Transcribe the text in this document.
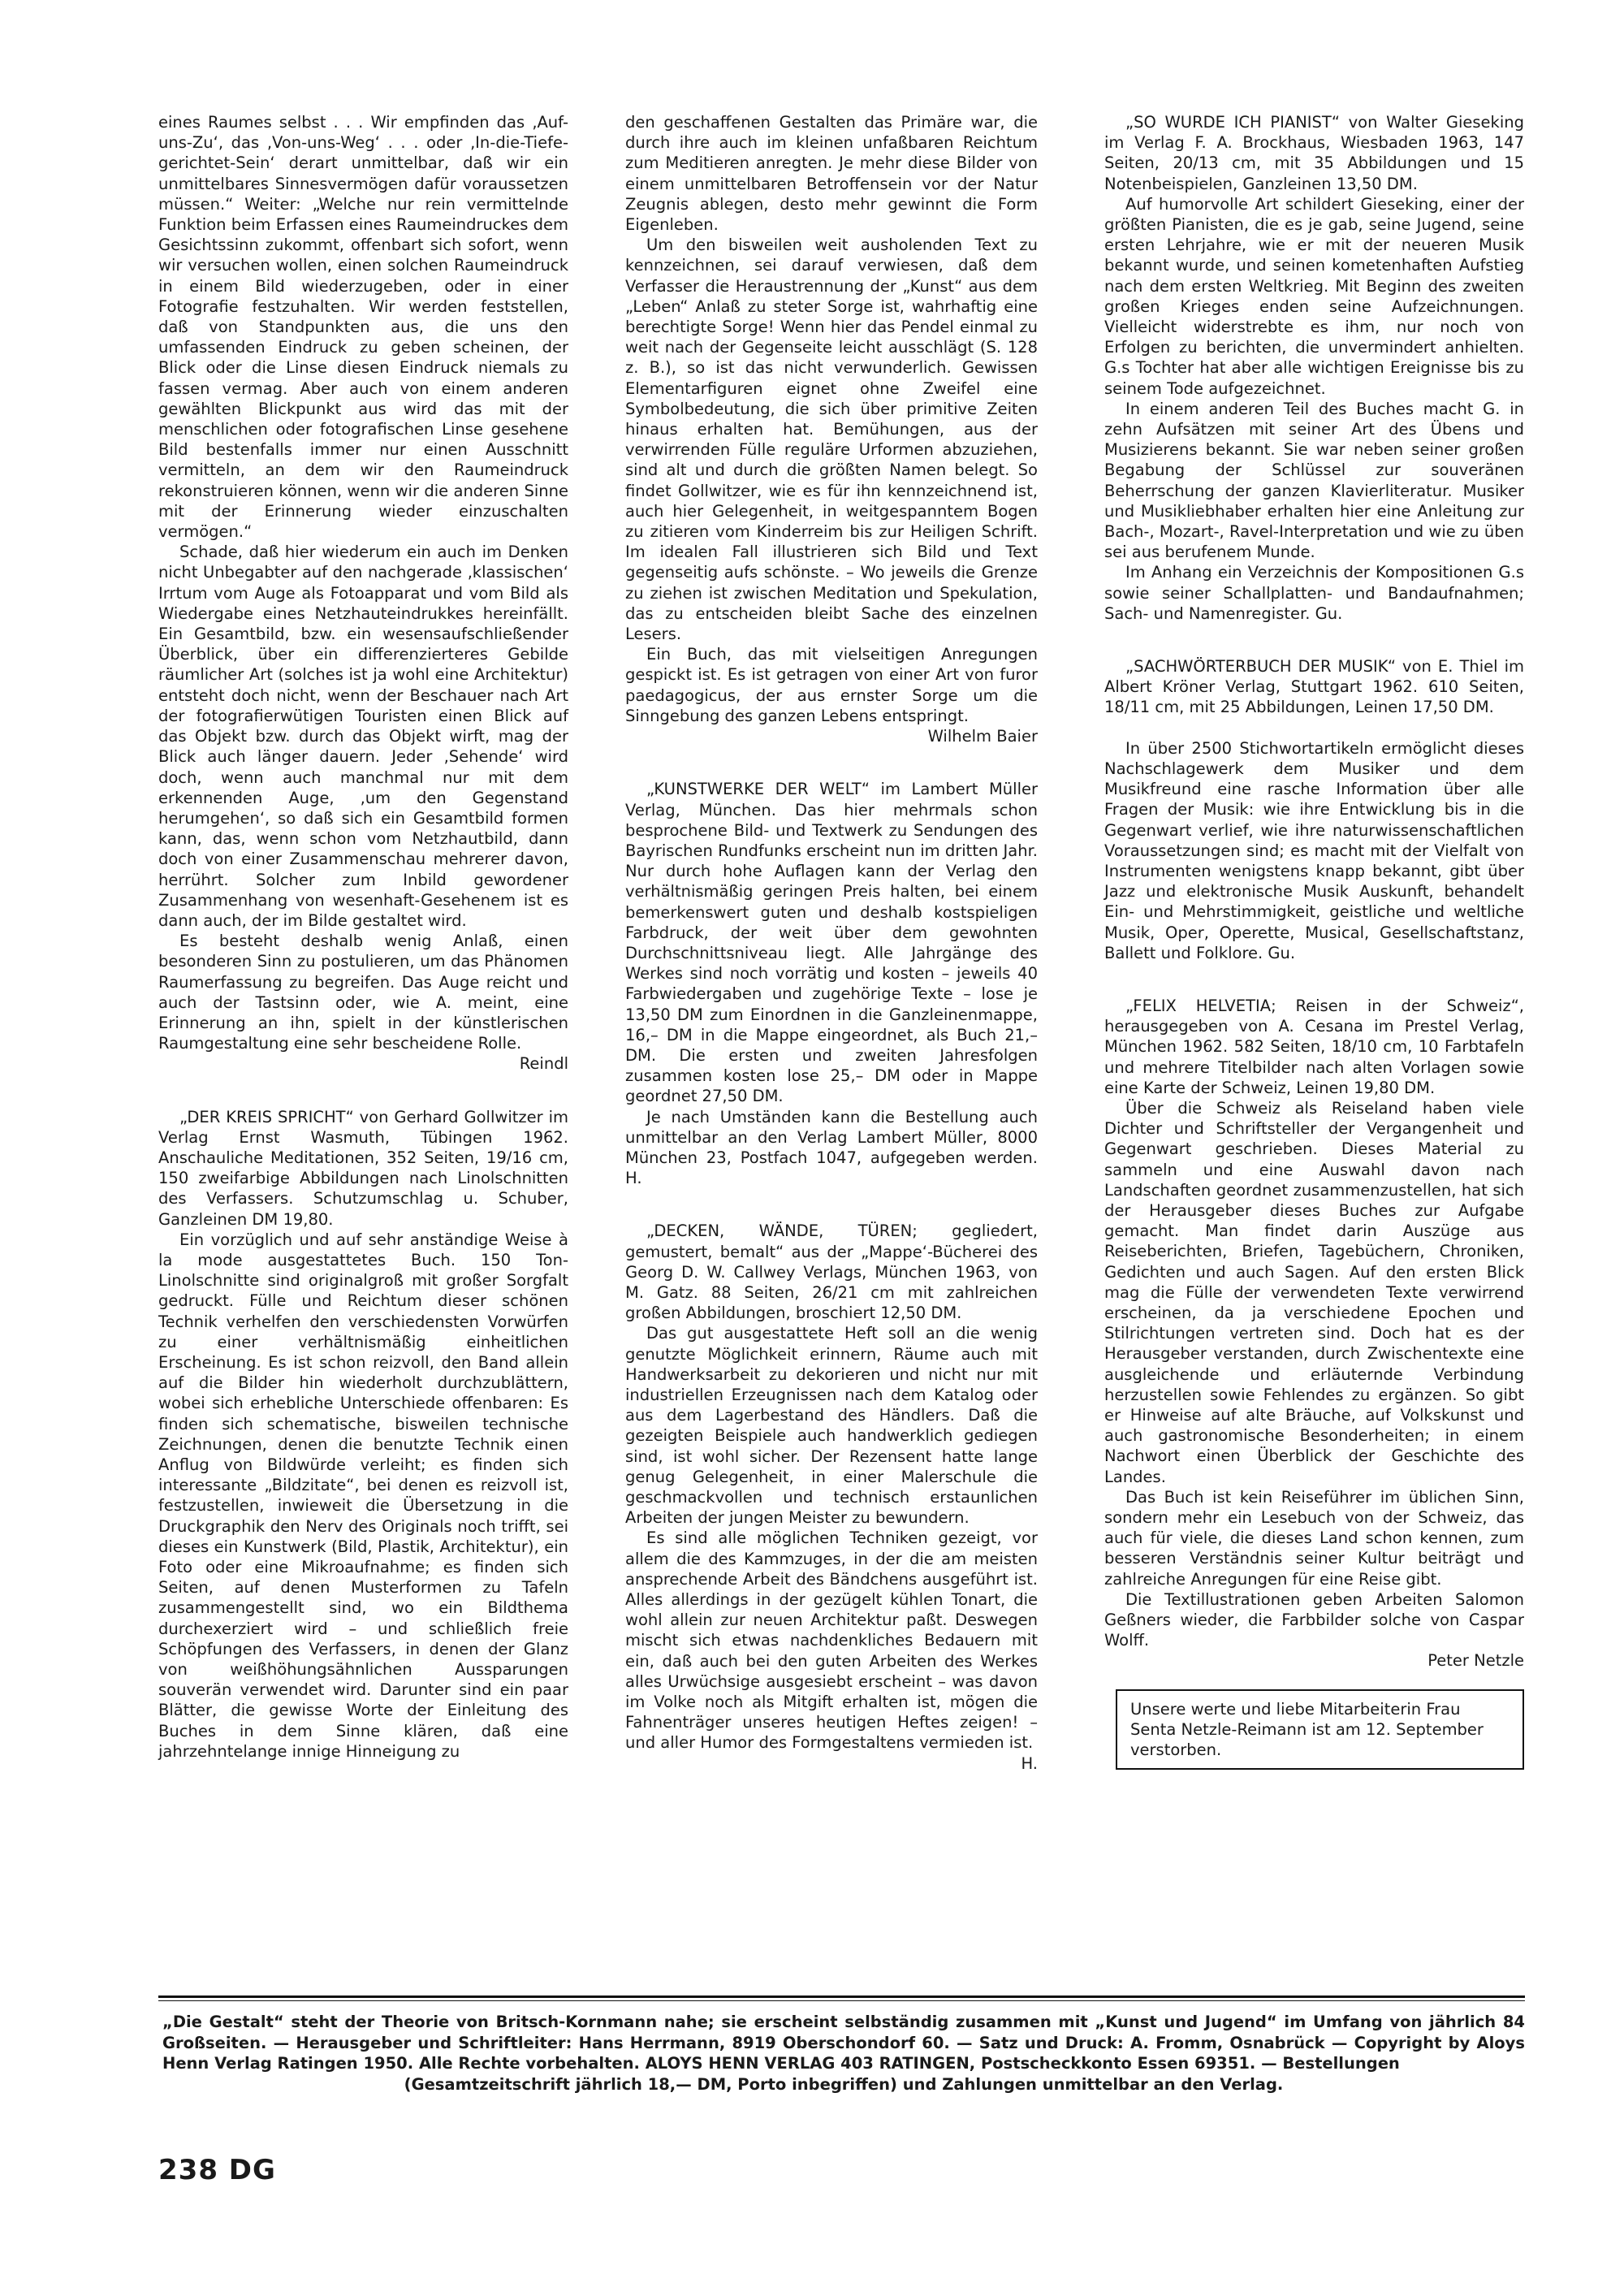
eines Raumes selbst . . . Wir empfinden das ‚Auf-uns-Zu‘, das ‚Von-uns-Weg‘ . . . oder ‚In-die-Tiefe-gerichtet-Sein‘ derart unmittelbar, daß wir ein unmittelbares Sinnesvermögen dafür voraussetzen müssen.“ Weiter: „Welche nur rein vermittelnde Funktion beim Erfassen eines Raumeindruckes dem Gesichtssinn zukommt, offenbart sich sofort, wenn wir versuchen wollen, einen solchen Raumeindruck in einem Bild wiederzugeben, oder in einer Fotografie festzuhalten. Wir werden feststellen, daß von Standpunkten aus, die uns den umfassenden Eindruck zu geben scheinen, der Blick oder die Linse diesen Eindruck niemals zu fassen vermag. Aber auch von einem anderen gewählten Blickpunkt aus wird das mit der menschlichen oder fotografischen Linse gesehene Bild bestenfalls immer nur einen Ausschnitt vermitteln, an dem wir den Raumeindruck rekonstruieren können, wenn wir die anderen Sinne mit der Erinnerung wieder einzuschalten vermögen.“

Schade, daß hier wiederum ein auch im Denken nicht Unbegabter auf den nachgerade ‚klassischen‘ Irrtum vom Auge als Fotoapparat und vom Bild als Wiedergabe eines Netzhauteindrukkes hereinfällt. Ein Gesamtbild, bzw. ein wesensaufschließender Überblick, über ein differenzierteres Gebilde räumlicher Art (solches ist ja wohl eine Architektur) entsteht doch nicht, wenn der Beschauer nach Art der fotografierwütigen Touristen einen Blick auf das Objekt bzw. durch das Objekt wirft, mag der Blick auch länger dauern. Jeder ‚Sehende‘ wird doch, wenn auch manchmal nur mit dem erkennenden Auge, ‚um den Gegenstand herumgehen‘, so daß sich ein Gesamtbild formen kann, das, wenn schon vom Netzhautbild, dann doch von einer Zusammenschau mehrerer davon, herrührt. Solcher zum Inbild gewordener Zusammenhang von wesenhaft-Gesehenem ist es dann auch, der im Bilde gestaltet wird.

Es besteht deshalb wenig Anlaß, einen besonderen Sinn zu postulieren, um das Phänomen Raumerfassung zu begreifen. Das Auge reicht und auch der Tastsinn oder, wie A. meint, eine Erinnerung an ihn, spielt in der künstlerischen Raumgestaltung eine sehr bescheidene Rolle.

Reindl

„DER KREIS SPRICHT“ von Gerhard Gollwitzer im Verlag Ernst Wasmuth, Tübingen 1962. Anschauliche Meditationen, 352 Seiten, 19/16 cm, 150 zweifarbige Abbildungen nach Linolschnitten des Verfassers. Schutzumschlag u. Schuber, Ganzleinen DM 19,80.

Ein vorzüglich und auf sehr anständige Weise à la mode ausgestattetes Buch. 150 Ton-Linolschnitte sind originalgroß mit großer Sorgfalt gedruckt. Fülle und Reichtum dieser schönen Technik verhelfen den verschiedensten Vorwürfen zu einer verhältnismäßig einheitlichen Erscheinung. Es ist schon reizvoll, den Band allein auf die Bilder hin wiederholt durchzublättern, wobei sich erhebliche Unterschiede offenbaren: Es finden sich schematische, bisweilen technische Zeichnungen, denen die benutzte Technik einen Anflug von Bildwürde verleiht; es finden sich interessante „Bildzitate“, bei denen es reizvoll ist, festzustellen, inwieweit die Übersetzung in die Druckgraphik den Nerv des Originals noch trifft, sei dieses ein Kunstwerk (Bild, Plastik, Architektur), ein Foto oder eine Mikroaufnahme; es finden sich Seiten, auf denen Musterformen zu Tafeln zusammengestellt sind, wo ein Bildthema durchexerziert wird – und schließlich freie Schöpfungen des Verfassers, in denen der Glanz von weißhöhungsähnlichen Aussparungen souverän verwendet wird. Darunter sind ein paar Blätter, die gewisse Worte der Einleitung des Buches in dem Sinne klären, daß eine jahrzehntelange innige Hinneigung zu

den geschaffenen Gestalten das Primäre war, die durch ihre auch im kleinen unfaßbaren Reichtum zum Meditieren anregten. Je mehr diese Bilder von einem unmittelbaren Betroffensein vor der Natur Zeugnis ablegen, desto mehr gewinnt die Form Eigenleben.

Um den bisweilen weit ausholenden Text zu kennzeichnen, sei darauf verwiesen, daß dem Verfasser die Heraustrennung der „Kunst“ aus dem „Leben“ Anlaß zu steter Sorge ist, wahrhaftig eine berechtigte Sorge! Wenn hier das Pendel einmal zu weit nach der Gegenseite leicht ausschlägt (S. 128 z. B.), so ist das nicht verwunderlich. Gewissen Elementarfiguren eignet ohne Zweifel eine Symbolbedeutung, die sich über primitive Zeiten hinaus erhalten hat. Bemühungen, aus der verwirrenden Fülle reguläre Urformen abzuziehen, sind alt und durch die größten Namen belegt. So findet Gollwitzer, wie es für ihn kennzeichnend ist, auch hier Gelegenheit, in weitgespanntem Bogen zu zitieren vom Kinderreim bis zur Heiligen Schrift. Im idealen Fall illustrieren sich Bild und Text gegenseitig aufs schönste. – Wo jeweils die Grenze zu ziehen ist zwischen Meditation und Spekulation, das zu entscheiden bleibt Sache des einzelnen Lesers.

Ein Buch, das mit vielseitigen Anregungen gespickt ist. Es ist getragen von einer Art von furor paedagogicus, der aus ernster Sorge um die Sinngebung des ganzen Lebens entspringt.

Wilhelm Baier

„KUNSTWERKE DER WELT“ im Lambert Müller Verlag, München. Das hier mehrmals schon besprochene Bild- und Textwerk zu Sendungen des Bayrischen Rundfunks erscheint nun im dritten Jahr. Nur durch hohe Auflagen kann der Verlag den verhältnismäßig geringen Preis halten, bei einem bemerkenswert guten und deshalb kostspieligen Farbdruck, der weit über dem gewohnten Durchschnittsniveau liegt. Alle Jahrgänge des Werkes sind noch vorrätig und kosten – jeweils 40 Farbwiedergaben und zugehörige Texte – lose je 13,50 DM zum Einordnen in die Ganzleinenmappe, 16,– DM in die Mappe eingeordnet, als Buch 21,– DM. Die ersten und zweiten Jahresfolgen zusammen kosten lose 25,– DM oder in Mappe geordnet 27,50 DM.

Je nach Umständen kann die Bestellung auch unmittelbar an den Verlag Lambert Müller, 8000 München 23, Postfach 1047, aufgegeben werden. H.

„DECKEN, WÄNDE, TÜREN; gegliedert, gemustert, bemalt“ aus der „Mappe‘-Bücherei des Georg D. W. Callwey Verlags, München 1963, von M. Gatz. 88 Seiten, 26/21 cm mit zahlreichen großen Abbildungen, broschiert 12,50 DM.

Das gut ausgestattete Heft soll an die wenig genutzte Möglichkeit erinnern, Räume auch mit Handwerksarbeit zu dekorieren und nicht nur mit industriellen Erzeugnissen nach dem Katalog oder aus dem Lagerbestand des Händlers. Daß die gezeigten Beispiele auch handwerklich gediegen sind, ist wohl sicher. Der Rezensent hatte lange genug Gelegenheit, in einer Malerschule die geschmackvollen und technisch erstaunlichen Arbeiten der jungen Meister zu bewundern.

Es sind alle möglichen Techniken gezeigt, vor allem die des Kammzuges, in der die am meisten ansprechende Arbeit des Bändchens ausgeführt ist. Alles allerdings in der gezügelt kühlen Tonart, die wohl allein zur neuen Architektur paßt. Deswegen mischt sich etwas nachdenkliches Bedauern mit ein, daß auch bei den guten Arbeiten des Werkes alles Urwüchsige ausgesiebt erscheint – was davon im Volke noch als Mitgift erhalten ist, mögen die Fahnenträger unseres heutigen Heftes zeigen! – und aller Humor des Formgestaltens vermieden ist.

H.

„SO WURDE ICH PIANIST“ von Walter Gieseking im Verlag F. A. Brockhaus, Wiesbaden 1963, 147 Seiten, 20/13 cm, mit 35 Abbildungen und 15 Notenbeispielen, Ganzleinen 13,50 DM.

Auf humorvolle Art schildert Gieseking, einer der größten Pianisten, die es je gab, seine Jugend, seine ersten Lehrjahre, wie er mit der neueren Musik bekannt wurde, und seinen kometenhaften Aufstieg nach dem ersten Weltkrieg. Mit Beginn des zweiten großen Krieges enden seine Aufzeichnungen. Vielleicht widerstrebte es ihm, nur noch von Erfolgen zu berichten, die unvermindert anhielten. G.s Tochter hat aber alle wichtigen Ereignisse bis zu seinem Tode aufgezeichnet.

In einem anderen Teil des Buches macht G. in zehn Aufsätzen mit seiner Art des Übens und Musizierens bekannt. Sie war neben seiner großen Begabung der Schlüssel zur souveränen Beherrschung der ganzen Klavierliteratur. Musiker und Musikliebhaber erhalten hier eine Anleitung zur Bach-, Mozart-, Ravel-Interpretation und wie zu üben sei aus berufenem Munde.

Im Anhang ein Verzeichnis der Kompositionen G.s sowie seiner Schallplatten- und Bandaufnahmen; Sach- und Namenregister. Gu.

„SACHWÖRTERBUCH DER MUSIK“ von E. Thiel im Albert Kröner Verlag, Stuttgart 1962. 610 Seiten, 18/11 cm, mit 25 Abbildungen, Leinen 17,50 DM.

In über 2500 Stichwortartikeln ermöglicht dieses Nachschlagewerk dem Musiker und dem Musikfreund eine rasche Information über alle Fragen der Musik: wie ihre Entwicklung bis in die Gegenwart verlief, wie ihre naturwissenschaftlichen Voraussetzungen sind; es macht mit der Vielfalt von Instrumenten wenigstens knapp bekannt, gibt über Jazz und elektronische Musik Auskunft, behandelt Ein- und Mehrstimmigkeit, geistliche und weltliche Musik, Oper, Operette, Musical, Gesellschaftstanz, Ballett und Folklore. Gu.

„FELIX HELVETIA; Reisen in der Schweiz“, herausgegeben von A. Cesana im Prestel Verlag, München 1962. 582 Seiten, 18/10 cm, 10 Farbtafeln und mehrere Titelbilder nach alten Vorlagen sowie eine Karte der Schweiz, Leinen 19,80 DM.

Über die Schweiz als Reiseland haben viele Dichter und Schriftsteller der Vergangenheit und Gegenwart geschrieben. Dieses Material zu sammeln und eine Auswahl davon nach Landschaften geordnet zusammenzustellen, hat sich der Herausgeber dieses Buches zur Aufgabe gemacht. Man findet darin Auszüge aus Reiseberichten, Briefen, Tagebüchern, Chroniken, Gedichten und auch Sagen. Auf den ersten Blick mag die Fülle der verwendeten Texte verwirrend erscheinen, da ja verschiedene Epochen und Stilrichtungen vertreten sind. Doch hat es der Herausgeber verstanden, durch Zwischentexte eine ausgleichende und erläuternde Verbindung herzustellen sowie Fehlendes zu ergänzen. So gibt er Hinweise auf alte Bräuche, auf Volkskunst und auch gastronomische Besonderheiten; in einem Nachwort einen Überblick der Geschichte des Landes.

Das Buch ist kein Reiseführer im üblichen Sinn, sondern mehr ein Lesebuch von der Schweiz, das auch für viele, die dieses Land schon kennen, zum besseren Verständnis seiner Kultur beiträgt und zahlreiche Anregungen für eine Reise gibt.

Die Textillustrationen geben Arbeiten Salomon Geßners wieder, die Farbbilder solche von Caspar Wolff.

Peter Netzle

Unsere werte und liebe Mitarbeiterin Frau
Senta Netzle-Reimann ist am 12. September
verstorben.
„Die Gestalt“ steht der Theorie von Britsch-Kornmann nahe; sie erscheint selbständig zusammen mit „Kunst und Jugend“ im Umfang von jährlich 84 Großseiten. — Herausgeber und Schriftleiter: Hans Herrmann, 8919 Oberschondorf 60. — Satz und Druck: A. Fromm, Osnabrück — Copyright by Aloys Henn Verlag Ratingen 1950. Alle Rechte vorbehalten. ALOYS HENN VERLAG 403 RATINGEN, Postscheckkonto Essen 69351. — Bestellungen
(Gesamtzeitschrift jährlich 18,— DM, Porto inbegriffen) und Zahlungen unmittelbar an den Verlag.
238 DG
